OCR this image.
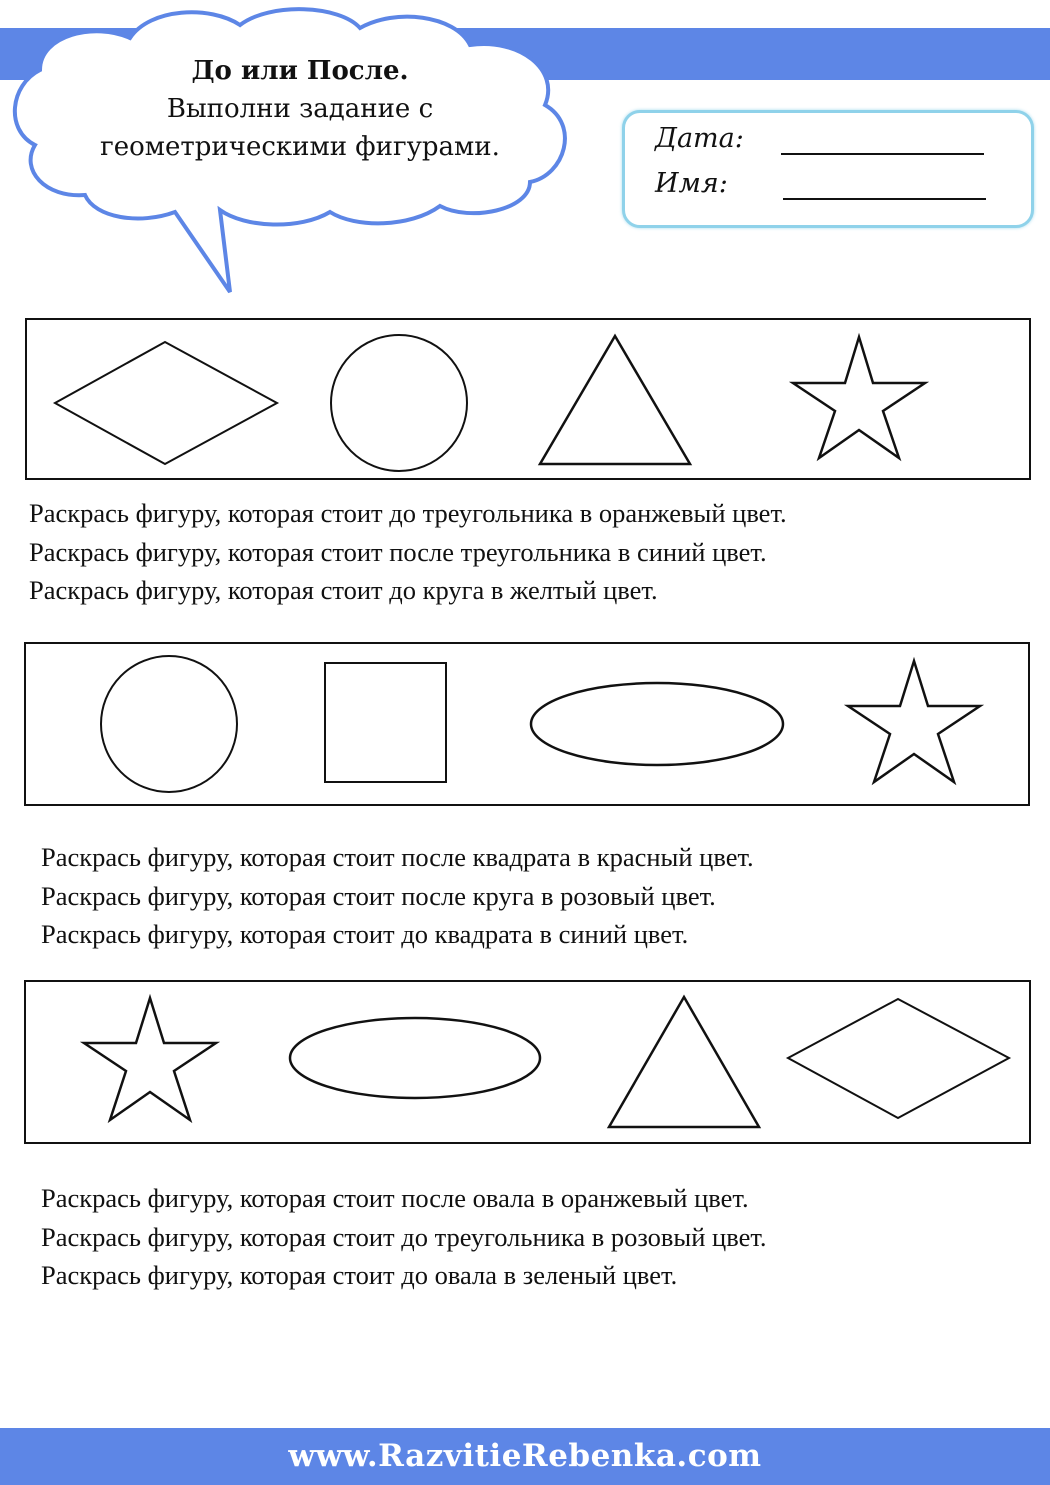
До или После.
Выполни задание с
геометрическими фигурами.	Дата:
Имя:
Раскрась фигуру, которая стоит до треугольника в оранжевый цвет.
Раскрась фигуру, которая стоит после треугольника в синий цвет.
Раскрась фигуру, которая стоит до круга в желтый цвет.
Раскрась фигуру, которая стоит после квадрата в красный цвет.
Раскрась фигуру, которая стоит после круга в розовый цвет.
Раскрась фигуру, которая стоит до квадрата в синий цвет.
Раскрась фигуру, которая стоит после овала в оранжевый цвет.
Раскрась фигуру, которая стоит до треугольника в розовый цвет.
Раскрась фигуру, которая стоит до овала в зеленый цвет.
www.RazvitieRebenka.com
